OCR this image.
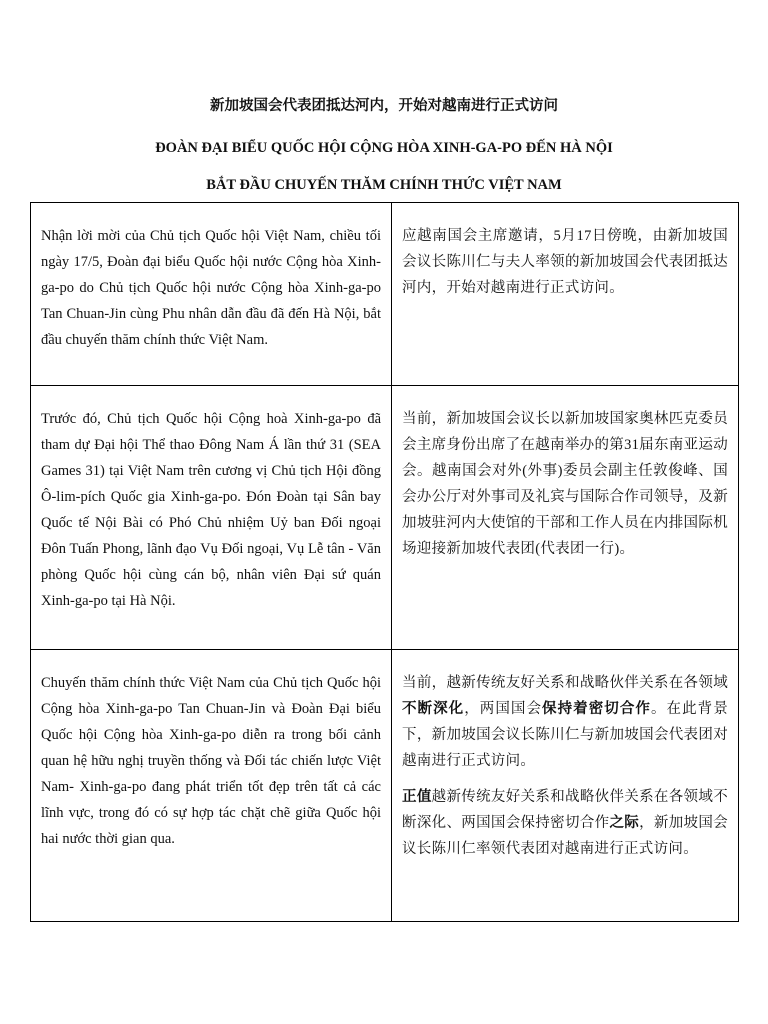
新加坡国会代表团抵达河内，开始对越南进行正式访问

ĐOÀN ĐẠI BIỂU QUỐC HỘI CỘNG HÒA XINH-GA-PO ĐẾN HÀ NỘI

BẮT ĐẦU CHUYẾN THĂM CHÍNH THỨC VIỆT NAM

Nhận lời mời của Chủ tịch Quốc hội Việt Nam, chiều tối ngày 17/5, Đoàn đại biểu Quốc hội nước Cộng hòa Xinh-ga-po do Chủ tịch Quốc hội nước Cộng hòa Xinh-ga-po Tan Chuan-Jin cùng Phu nhân dẫn đầu đã đến Hà Nội, bắt đầu chuyến thăm chính thức Việt Nam.	应越南国会主席邀请，5月17日傍晚，由新加坡国会议长陈川仁与夫人率领的新加坡国会代表团抵达河内，开始对越南进行正式访问。
Trước đó, Chủ tịch Quốc hội Cộng hoà Xinh-ga-po đã tham dự Đại hội Thể thao Đông Nam Á lần thứ 31 (SEA Games 31) tại Việt Nam trên cương vị Chủ tịch Hội đồng Ô-lim-pích Quốc gia Xinh-ga-po. Đón Đoàn tại Sân bay Quốc tế Nội Bài có Phó Chủ nhiệm Uỷ ban Đối ngoại Đôn Tuấn Phong, lãnh đạo Vụ Đối ngoại, Vụ Lễ tân - Văn phòng Quốc hội cùng cán bộ, nhân viên Đại sứ quán Xinh-ga-po tại Hà Nội.	当前，新加坡国会议长以新加坡国家奥林匹克委员会主席身份出席了在越南举办的第31届东南亚运动会。越南国会对外(外事)委员会副主任敦俊峰、国会办公厅对外事司及礼宾与国际合作司领导，及新加坡驻河内大使馆的干部和工作人员在内排国际机场迎接新加坡代表团(代表团一行)。
Chuyến thăm chính thức Việt Nam của Chủ tịch Quốc hội Cộng hòa Xinh-ga-po Tan Chuan-Jin và Đoàn Đại biểu Quốc hội Cộng hòa Xinh-ga-po diễn ra trong bối cảnh quan hệ hữu nghị truyền thống và Đối tác chiến lược Việt Nam- Xinh-ga-po đang phát triển tốt đẹp trên tất cả các lĩnh vực, trong đó có sự hợp tác chặt chẽ giữa Quốc hội hai nước thời gian qua.	当前，越新传统友好关系和战略伙伴关系在各领域不断深化，两国国会保持着密切合作。在此背景下，新加坡国会议长陈川仁与新加坡国会代表团对越南进行正式访问。

正值越新传统友好关系和战略伙伴关系在各领域不断深化、两国国会保持密切合作之际，新加坡国会议长陈川仁率领代表团对越南进行正式访问。
